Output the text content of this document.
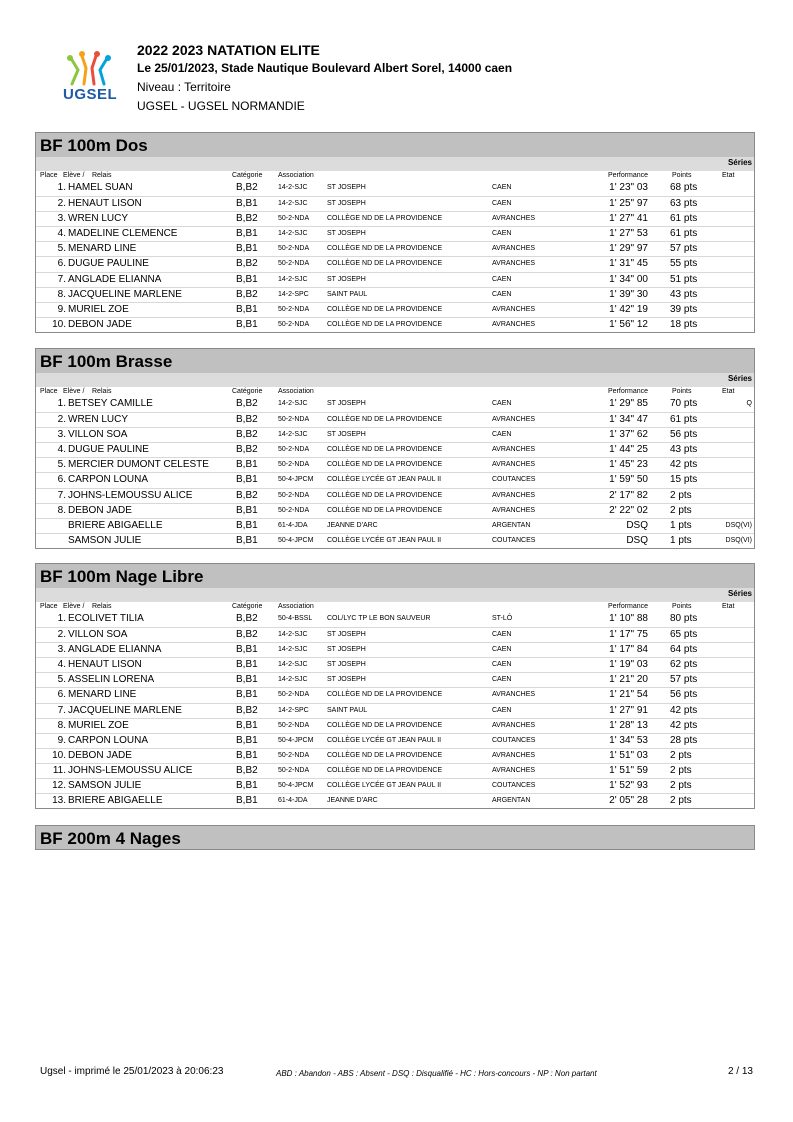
UGSEL
2022 2023 NATATION ELITE
Le 25/01/2023, Stade Nautique Boulevard Albert Sorel, 14000 caen
Niveau : Territoire
UGSEL - UGSEL NORMANDIE
BF 100m Dos
Séries
Place Elève / Relais	Catégorie Association	Performance	Points	Etat
1. HAMEL SUAN	B,B2	14-2-SJC	ST JOSEPH	CAEN	1' 23" 03 68 pts
2. HENAUT LISON	B,B1	14-2-SJC	ST JOSEPH	CAEN	1' 25" 97 63 pts
3. WREN LUCY	B,B2	50-2-NDA	COLLÈGE ND DE LA PROVIDENCE	AVRANCHES	1' 27" 41 61 pts
4. MADELINE CLEMENCE	B,B1	14-2-SJC	ST JOSEPH	CAEN	1' 27" 53 61 pts
5. MENARD LINE	B,B1	50-2-NDA	COLLÈGE ND DE LA PROVIDENCE	AVRANCHES	1' 29" 97 57 pts
6. DUGUE PAULINE	B,B2	50-2-NDA	COLLÈGE ND DE LA PROVIDENCE	AVRANCHES	1' 31" 45 55 pts
7. ANGLADE ELIANNA	B,B1	14-2-SJC	ST JOSEPH	CAEN	1' 34" 00 51 pts
8. JACQUELINE MARLENE	B,B2	14-2-SPC	SAINT PAUL	CAEN	1' 39" 30 43 pts
9. MURIEL ZOE	B,B1	50-2-NDA	COLLÈGE ND DE LA PROVIDENCE	AVRANCHES	1' 42" 19 39 pts
10. DEBON JADE	B,B1	50-2-NDA	COLLÈGE ND DE LA PROVIDENCE	AVRANCHES	1' 56" 12 18 pts
BF 100m Brasse
Séries
Place Elève / Relais	Catégorie Association	Performance	Points	Etat
1. BETSEY CAMILLE	B,B2	14-2-SJC	ST JOSEPH	CAEN	1' 29" 85 70 pts	Q
2. WREN LUCY	B,B2	50-2-NDA	COLLÈGE ND DE LA PROVIDENCE	AVRANCHES	1' 34" 47 61 pts
3. VILLON SOA	B,B2	14-2-SJC	ST JOSEPH	CAEN	1' 37" 62 56 pts
4. DUGUE PAULINE	B,B2	50-2-NDA	COLLÈGE ND DE LA PROVIDENCE	AVRANCHES	1' 44" 25 43 pts
5. MERCIER DUMONT CELESTE	B,B1	50-2-NDA	COLLÈGE ND DE LA PROVIDENCE	AVRANCHES	1' 45" 23 42 pts
6. CARPON LOUNA	B,B1	50-4-JPCM COLLÈGE LYCÉE GT JEAN PAUL II	COUTANCES	1' 59" 50 15 pts
7. JOHNS-LEMOUSSU ALICE	B,B2	50-2-NDA	COLLÈGE ND DE LA PROVIDENCE	AVRANCHES	2' 17" 82 2 pts
8. DEBON JADE	B,B1	50-2-NDA	COLLÈGE ND DE LA PROVIDENCE	AVRANCHES	2' 22" 02 2 pts
BRIERE ABIGAELLE	B,B1	61-4-JDA	JEANNE D'ARC	ARGENTAN	DSQ 1 pts	DSQ(VI)
SAMSON JULIE	B,B1	50-4-JPCM COLLÈGE LYCÉE GT JEAN PAUL II	COUTANCES	DSQ 1 pts	DSQ(VI)
BF 100m Nage Libre
Séries
Place Elève / Relais	Catégorie Association	Performance	Points	Etat
1. ECOLIVET TILIA	B,B2	50-4-BSSL COL/LYC TP LE BON SAUVEUR	ST-LÔ	1' 10" 88 80 pts
2. VILLON SOA	B,B2	14-2-SJC	ST JOSEPH	CAEN	1' 17" 75 65 pts
3. ANGLADE ELIANNA	B,B1	14-2-SJC	ST JOSEPH	CAEN	1' 17" 84 64 pts
4. HENAUT LISON	B,B1	14-2-SJC	ST JOSEPH	CAEN	1' 19" 03 62 pts
5. ASSELIN LORENA	B,B1	14-2-SJC	ST JOSEPH	CAEN	1' 21" 20 57 pts
6. MENARD LINE	B,B1	50-2-NDA	COLLÈGE ND DE LA PROVIDENCE	AVRANCHES	1' 21" 54 56 pts
7. JACQUELINE MARLENE	B,B2	14-2-SPC	SAINT PAUL	CAEN	1' 27" 91 42 pts
8. MURIEL ZOE	B,B1	50-2-NDA	COLLÈGE ND DE LA PROVIDENCE	AVRANCHES	1' 28" 13 42 pts
9. CARPON LOUNA	B,B1	50-4-JPCM COLLÈGE LYCÉE GT JEAN PAUL II	COUTANCES	1' 34" 53 28 pts
10. DEBON JADE	B,B1	50-2-NDA	COLLÈGE ND DE LA PROVIDENCE	AVRANCHES	1' 51" 03 2 pts
11. JOHNS-LEMOUSSU ALICE	B,B2	50-2-NDA	COLLÈGE ND DE LA PROVIDENCE	AVRANCHES	1' 51" 59 2 pts
12. SAMSON JULIE	B,B1	50-4-JPCM COLLÈGE LYCÉE GT JEAN PAUL II	COUTANCES	1' 52" 93 2 pts
13. BRIERE ABIGAELLE	B,B1	61-4-JDA	JEANNE D'ARC	ARGENTAN	2' 05" 28 2 pts
BF 200m 4 Nages
Ugsel - imprimé le 25/01/2023 à 20:06:23	ABD : Abandon - ABS : Absent - DSQ : Disqualifié - HC : Hors-concours - NP : Non partant	2 / 13
